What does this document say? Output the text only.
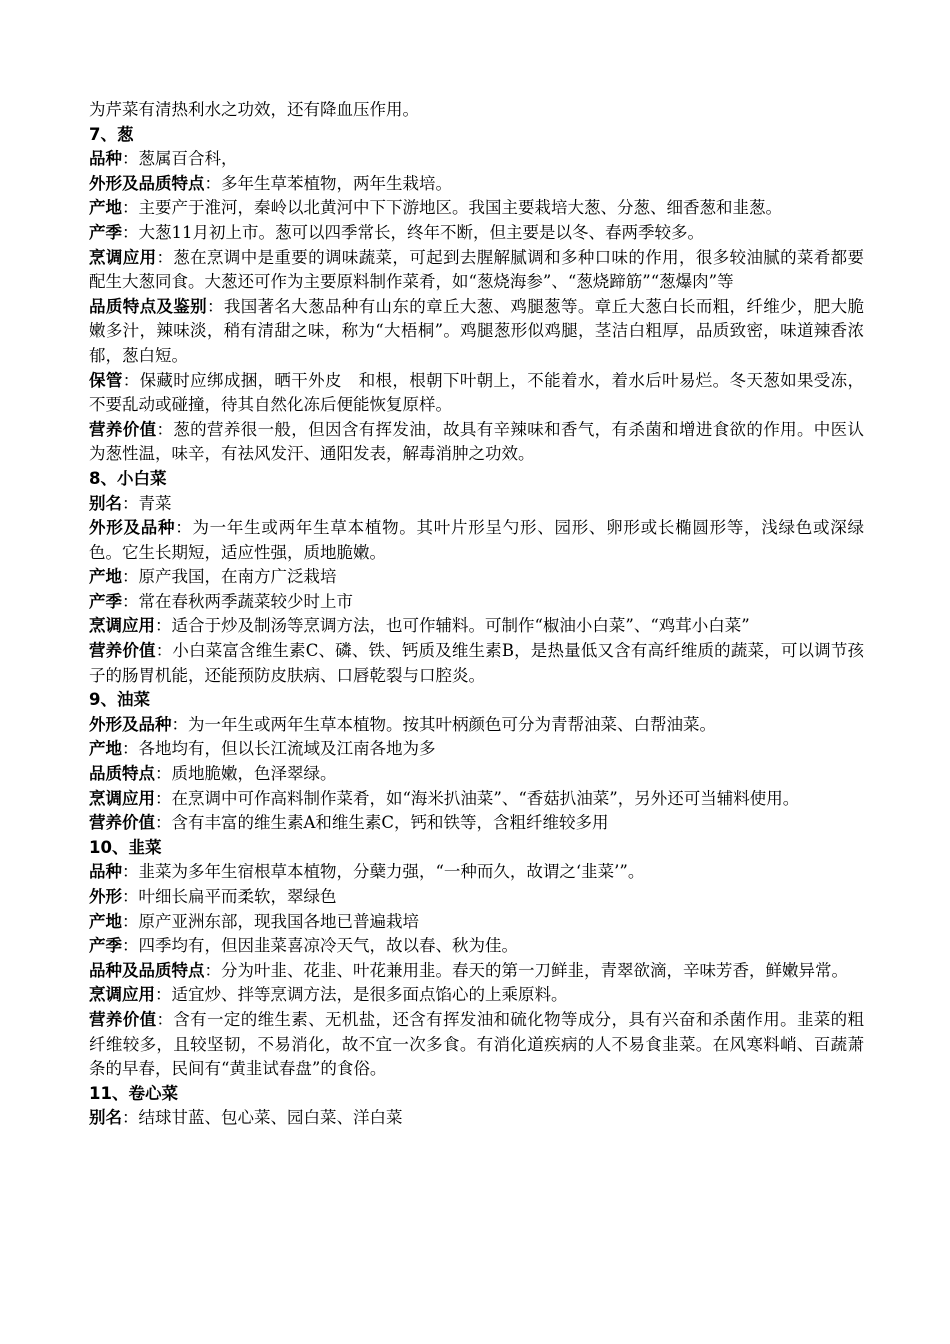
为芹菜有清热利水之功效，还有降血压作用。

7、葱

品种：葱属百合科，

外形及品质特点：多年生草苯植物，两年生栽培。

产地：主要产于淮河，秦岭以北黄河中下下游地区。我国主要栽培大葱、分葱、细香葱和韭葱。

产季：大葱11月初上市。葱可以四季常长，终年不断，但主要是以冬、春两季较多。

烹调应用：葱在烹调中是重要的调味蔬菜，可起到去腥解腻调和多种口味的作用，很多较油腻的菜肴都要配生大葱同食。大葱还可作为主要原料制作菜肴，如“葱烧海参”、“葱烧蹄筋”“葱爆肉”等

品质特点及鉴别：我国著名大葱品种有山东的章丘大葱、鸡腿葱等。章丘大葱白长而粗，纤维少，肥大脆嫩多汁，辣味淡，稍有清甜之味，称为“大梧桐”。鸡腿葱形似鸡腿，茎洁白粗厚，品质致密，味道辣香浓郁，葱白短。

保管：保藏时应绑成捆，晒干外皮　和根，根朝下叶朝上，不能着水，着水后叶易烂。冬天葱如果受冻，不要乱动或碰撞，待其自然化冻后便能恢复原样。

营养价值：葱的营养很一般，但因含有挥发油，故具有辛辣味和香气，有杀菌和增进食欲的作用。中医认为葱性温，味辛，有祛风发汗、通阳发表，解毒消肿之功效。

8、小白菜

别名：青菜

外形及品种：为一年生或两年生草本植物。其叶片形呈勺形、园形、卵形或长椭圆形等，浅绿色或深绿色。它生长期短，适应性强，质地脆嫩。

产地：原产我国，在南方广泛栽培

产季：常在春秋两季蔬菜较少时上市

烹调应用：适合于炒及制汤等烹调方法，也可作辅料。可制作“椒油小白菜”、“鸡茸小白菜”

营养价值：小白菜富含维生素C、磷、铁、钙质及维生素B，是热量低又含有高纤维质的蔬菜，可以调节孩子的肠胃机能，还能预防皮肤病、口唇乾裂与口腔炎。

9、油菜

外形及品种：为一年生或两年生草本植物。按其叶柄颜色可分为青帮油菜、白帮油菜。

产地：各地均有，但以长江流域及江南各地为多

品质特点：质地脆嫩，色泽翠绿。

烹调应用：在烹调中可作高料制作菜肴，如“海米扒油菜”、“香菇扒油菜”，另外还可当辅料使用。

营养价值：含有丰富的维生素A和维生素C，钙和铁等，含粗纤维较多用

10、韭菜

品种：韭菜为多年生宿根草本植物，分蘖力强，“一种而久，故谓之‘韭菜’”。

外形：叶细长扁平而柔软，翠绿色

产地：原产亚洲东部，现我国各地已普遍栽培

产季：四季均有，但因韭菜喜凉冷天气，故以春、秋为佳。

品种及品质特点：分为叶韭、花韭、叶花兼用韭。春天的第一刀鲜韭，青翠欲滴，辛味芳香，鲜嫩异常。

烹调应用：适宜炒、拌等烹调方法，是很多面点馅心的上乘原料。

营养价值：含有一定的维生素、无机盐，还含有挥发油和硫化物等成分，具有兴奋和杀菌作用。韭菜的粗纤维较多，且较坚韧，不易消化，故不宜一次多食。有消化道疾病的人不易食韭菜。在风寒料峭、百蔬萧条的早春，民间有“黄韭试春盘”的食俗。

11、卷心菜

别名：结球甘蓝、包心菜、园白菜、洋白菜
